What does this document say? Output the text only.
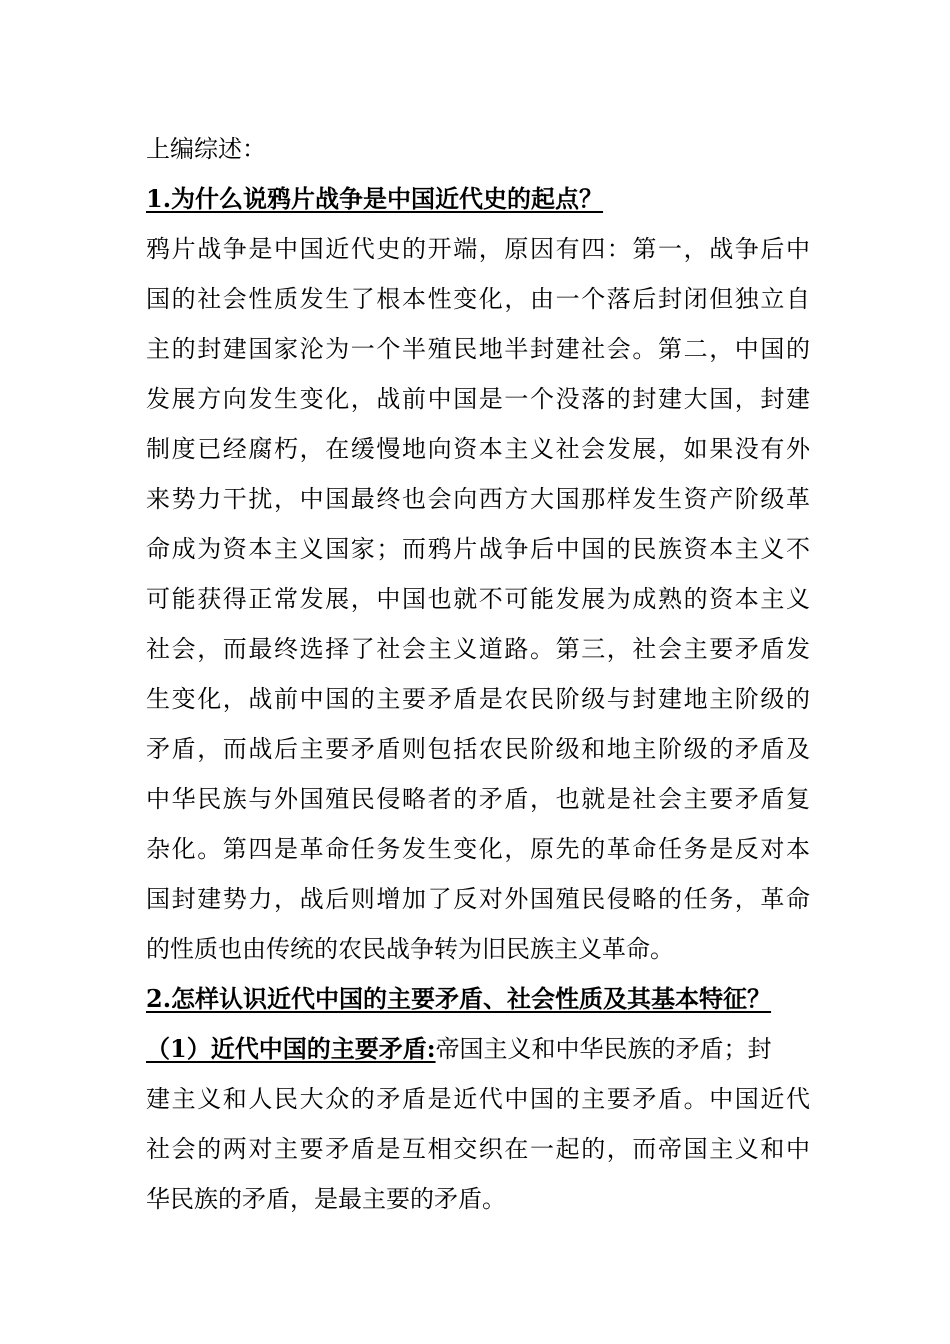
上编综述：
1.为什么说鸦片战争是中国近代史的起点？
鸦片战争是中国近代史的开端，原因有四：第一，战争后中
国的社会性质发生了根本性变化，由一个落后封闭但独立自
主的封建国家沦为一个半殖民地半封建社会。第二，中国的
发展方向发生变化，战前中国是一个没落的封建大国，封建
制度已经腐朽，在缓慢地向资本主义社会发展，如果没有外
来势力干扰，中国最终也会向西方大国那样发生资产阶级革
命成为资本主义国家；而鸦片战争后中国的民族资本主义不
可能获得正常发展，中国也就不可能发展为成熟的资本主义
社会，而最终选择了社会主义道路。第三，社会主要矛盾发
生变化，战前中国的主要矛盾是农民阶级与封建地主阶级的
矛盾，而战后主要矛盾则包括农民阶级和地主阶级的矛盾及
中华民族与外国殖民侵略者的矛盾，也就是社会主要矛盾复
杂化。第四是革命任务发生变化，原先的革命任务是反对本
国封建势力，战后则增加了反对外国殖民侵略的任务，革命
的性质也由传统的农民战争转为旧民族主义革命。
2.怎样认识近代中国的主要矛盾、社会性质及其基本特征？
（1）近代中国的主要矛盾:帝国主义和中华民族的矛盾；封
建主义和人民大众的矛盾是近代中国的主要矛盾。中国近代
社会的两对主要矛盾是互相交织在一起的，而帝国主义和中
华民族的矛盾，是最主要的矛盾。
